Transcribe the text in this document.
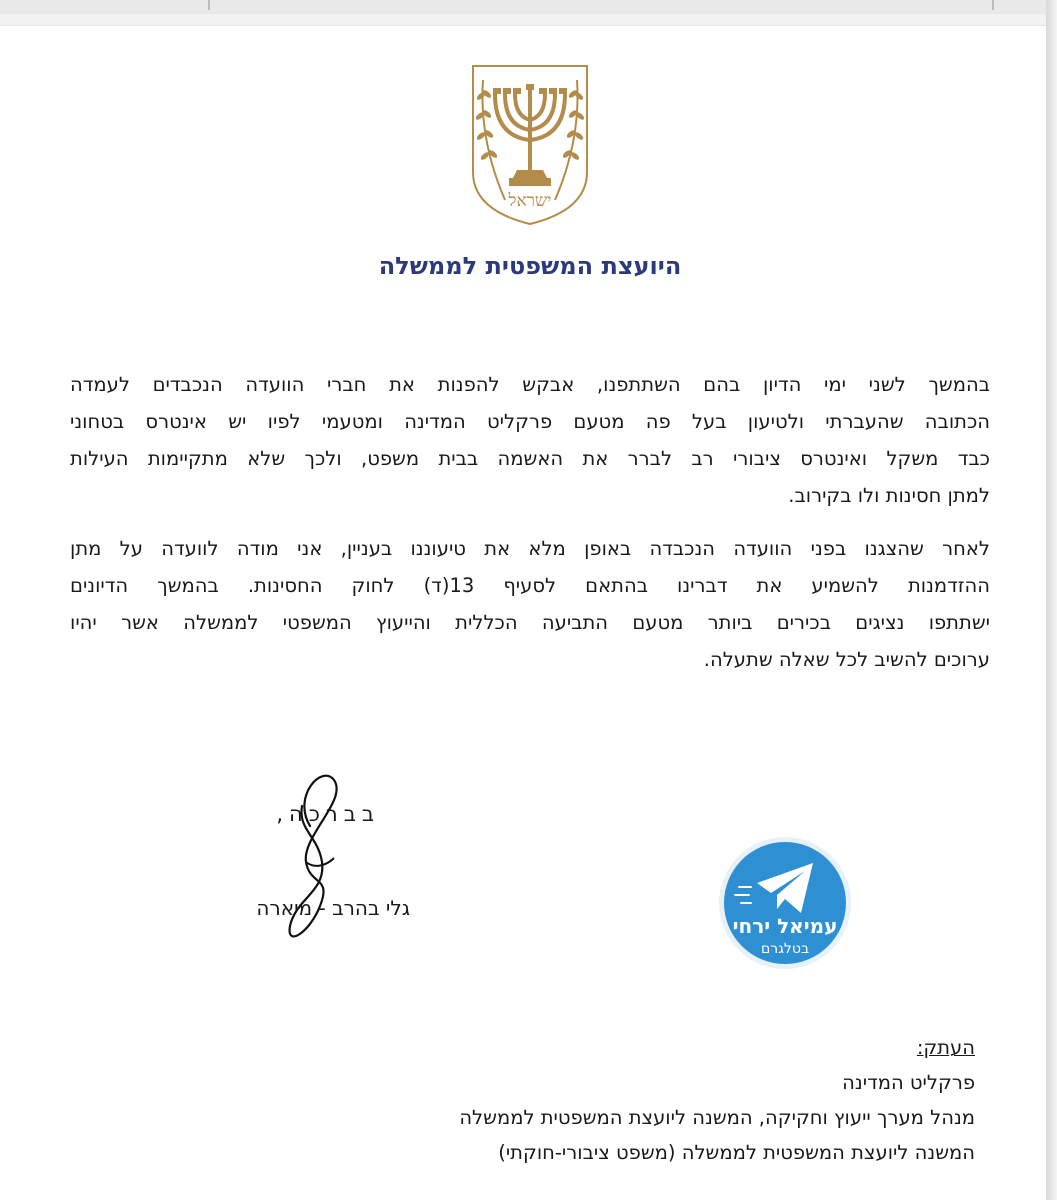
ישראל
היועצת המשפטית לממשלה
בהמשך לשני ימי הדיון בהם השתתפנו, אבקש להפנות את חברי הוועדה הנכבדים לעמדה
הכתובה שהעברתי ולטיעון בעל פה מטעם פרקליט המדינה ומטעמי לפיו יש אינטרס בטחוני
כבד משקל ואינטרס ציבורי רב לברר את האשמה בבית משפט, ולכך שלא מתקיימות העילות
למתן חסינות ולו בקירוב.
לאחר שהצגנו בפני הוועדה הנכבדה באופן מלא את טיעוננו בעניין, אני מודה לוועדה על מתן
ההזדמנות להשמיע את דברינו בהתאם לסעיף 13(ד) לחוק החסינות. בהמשך הדיונים
ישתתפו נציגים בכירים ביותר מטעם התביעה הכללית והייעוץ המשפטי לממשלה אשר יהיו
ערוכים להשיב לכל שאלה שתעלה.
בברכה,
גלי בהרב - מיארה
עמיאל ירחי
בטלגרם
העתק:
פרקליט המדינה
מנהל מערך ייעוץ וחקיקה, המשנה ליועצת המשפטית לממשלה
המשנה ליועצת המשפטית לממשלה (משפט ציבורי-חוקתי)
